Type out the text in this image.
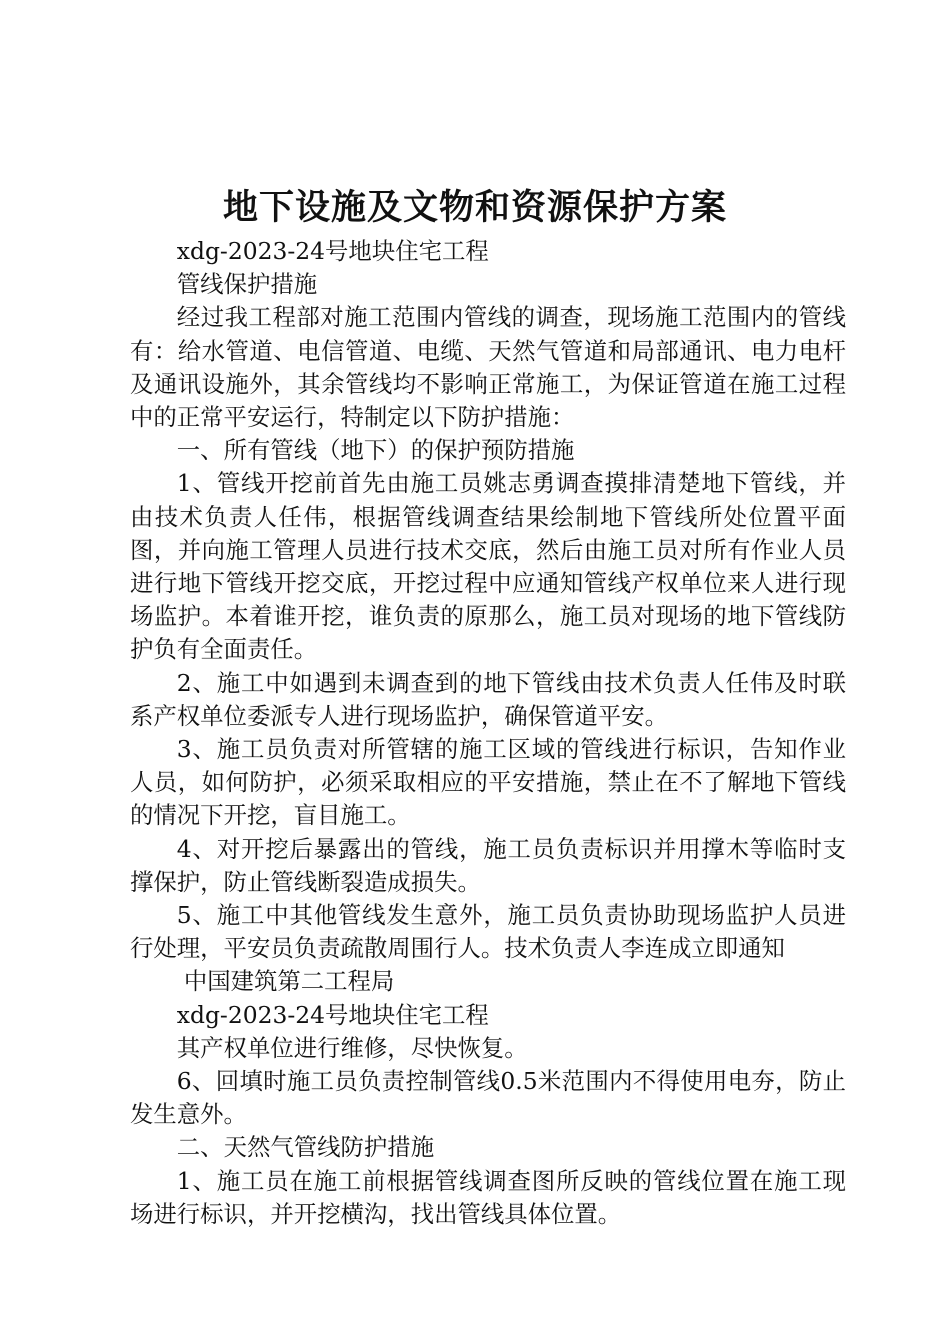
地下设施及文物和资源保护方案

xdg-2023-24号地块住宅工程

管线保护措施

经过我工程部对施工范围内管线的调查，现场施工范围内的管线有：给水管道、电信管道、电缆、天然气管道和局部通讯、电力电杆及通讯设施外，其余管线均不影响正常施工，为保证管道在施工过程中的正常平安运行，特制定以下防护措施：

一、所有管线（地下）的保护预防措施

1、管线开挖前首先由施工员姚志勇调查摸排清楚地下管线，并由技术负责人任伟，根据管线调查结果绘制地下管线所处位置平面图，并向施工管理人员进行技术交底，然后由施工员对所有作业人员进行地下管线开挖交底，开挖过程中应通知管线产权单位来人进行现场监护。本着谁开挖，谁负责的原那么，施工员对现场的地下管线防护负有全面责任。

2、施工中如遇到未调查到的地下管线由技术负责人任伟及时联系产权单位委派专人进行现场监护，确保管道平安。

3、施工员负责对所管辖的施工区域的管线进行标识，告知作业人员，如何防护，必须采取相应的平安措施，禁止在不了解地下管线的情况下开挖，盲目施工。

4、对开挖后暴露出的管线，施工员负责标识并用撑木等临时支撑保护，防止管线断裂造成损失。

5、施工中其他管线发生意外，施工员负责协助现场监护人员进行处理，平安员负责疏散周围行人。技术负责人李连成立即通知

中国建筑第二工程局

xdg-2023-24号地块住宅工程

其产权单位进行维修，尽快恢复。

6、回填时施工员负责控制管线0.5米范围内不得使用电夯，防止发生意外。

二、天然气管线防护措施

1、施工员在施工前根据管线调查图所反映的管线位置在施工现场进行标识，并开挖横沟，找出管线具体位置。
